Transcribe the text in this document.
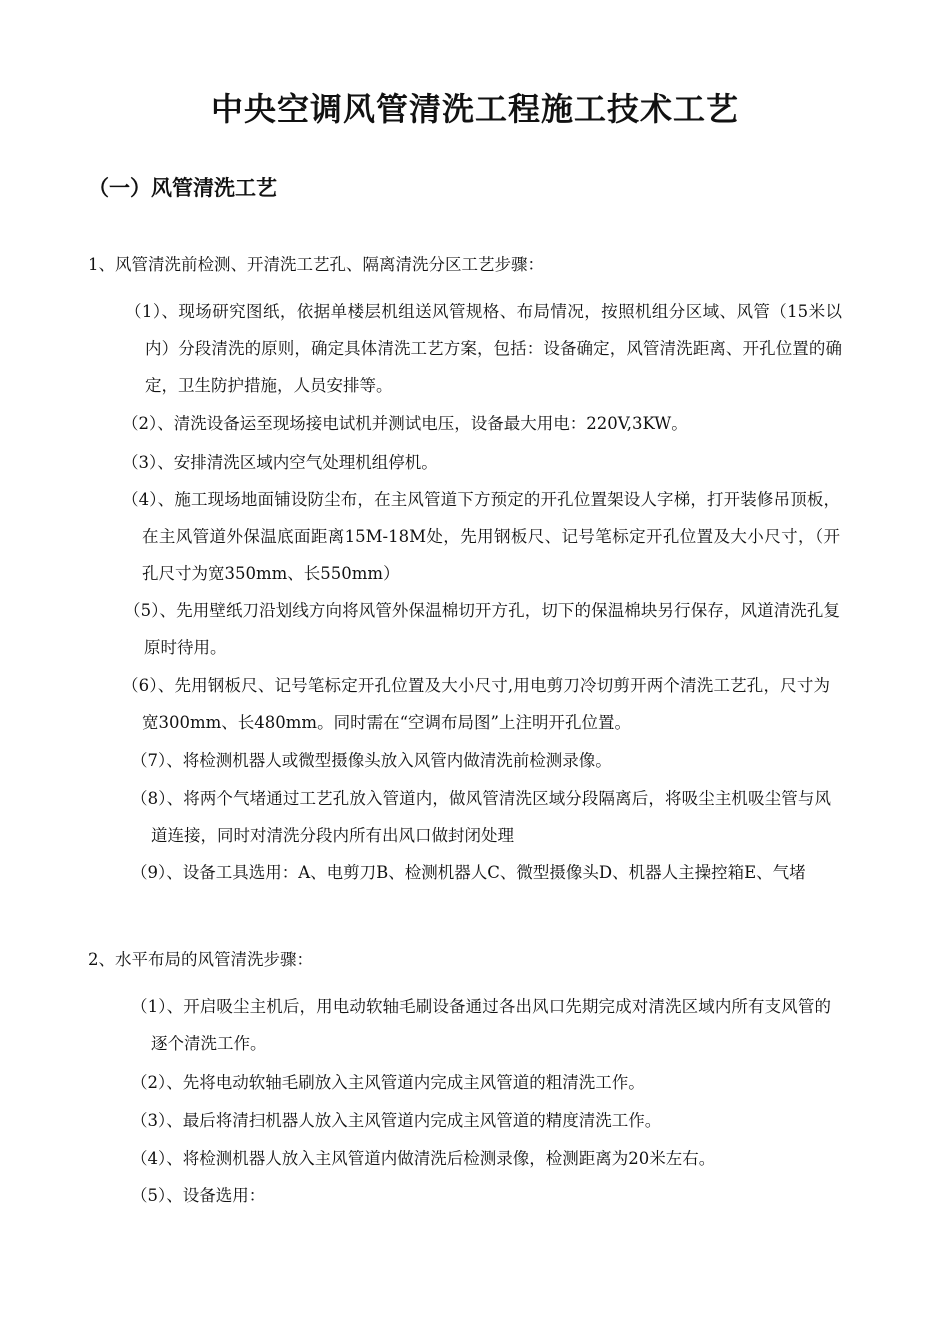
中央空调风管清洗工程施工技术工艺
（一）风管清洗工艺
1、风管清洗前检测、开清洗工艺孔、隔离清洗分区工艺步骤：

（1）、现场研究图纸，依据单楼层机组送风管规格、布局情况，按照机组分区域、风管（15米以内）分段清洗的原则，确定具体清洗工艺方案，包括：设备确定，风管清洗距离、开孔位置的确定，卫生防护措施，人员安排等。

（2）、清洗设备运至现场接电试机并测试电压，设备最大用电：220V,3KW。

（3）、安排清洗区域内空气处理机组停机。

（4）、施工现场地面铺设防尘布，在主风管道下方预定的开孔位置架设人字梯，打开装修吊顶板，在主风管道外保温底面距离15M-18M处，先用钢板尺、记号笔标定开孔位置及大小尺寸，（开孔尺寸为宽350mm、长550mm）

（5）、先用壁纸刀沿划线方向将风管外保温棉切开方孔，切下的保温棉块另行保存，风道清洗孔复原时待用。

（6）、先用钢板尺、记号笔标定开孔位置及大小尺寸,用电剪刀冷切剪开两个清洗工艺孔，尺寸为宽300mm、长480mm。同时需在“空调布局图”上注明开孔位置。

（7）、将检测机器人或微型摄像头放入风管内做清洗前检测录像。

（8）、将两个气堵通过工艺孔放入管道内，做风管清洗区域分段隔离后，将吸尘主机吸尘管与风道连接，同时对清洗分段内所有出风口做封闭处理

（9）、设备工具选用：A、电剪刀B、检测机器人C、微型摄像头D、机器人主操控箱E、气堵

2、水平布局的风管清洗步骤：

（1）、开启吸尘主机后，用电动软轴毛刷设备通过各出风口先期完成对清洗区域内所有支风管的逐个清洗工作。

（2）、先将电动软轴毛刷放入主风管道内完成主风管道的粗清洗工作。

（3）、最后将清扫机器人放入主风管道内完成主风管道的精度清洗工作。

（4）、将检测机器人放入主风管道内做清洗后检测录像，检测距离为20米左右。

（5）、设备选用：
